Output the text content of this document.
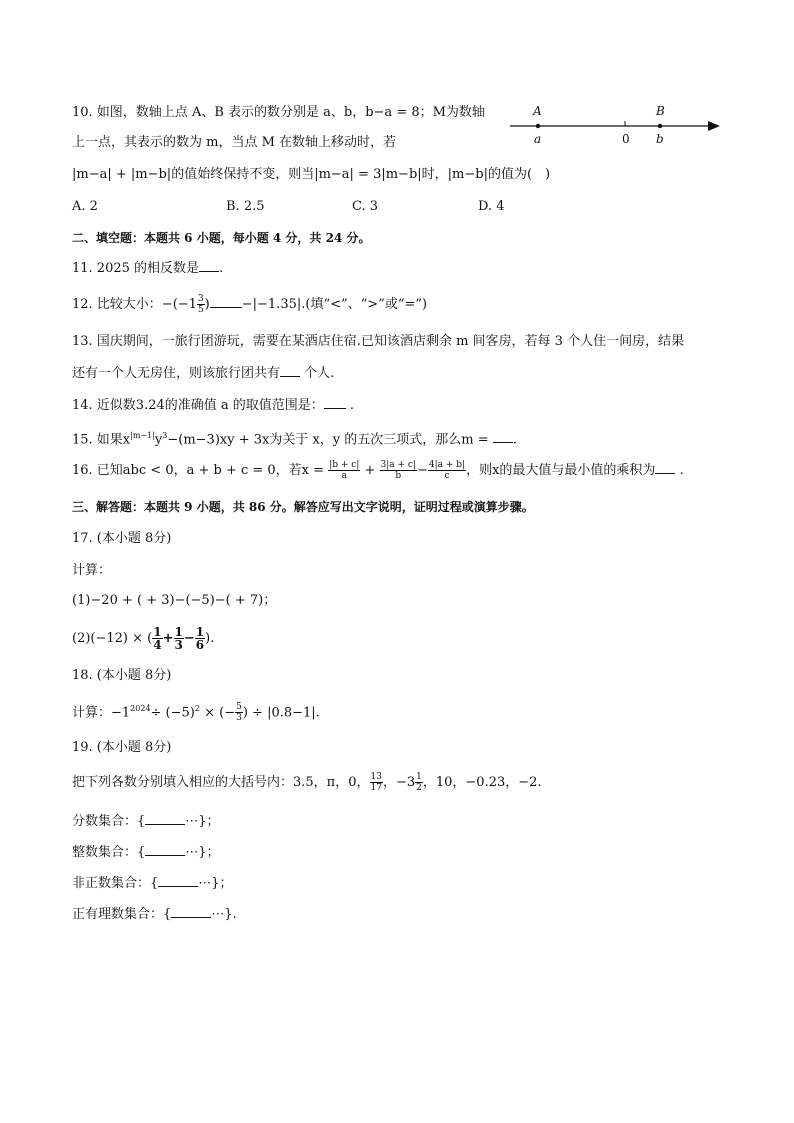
10. 如图，数轴上点 A、B 表示的数分别是 a、b，b−a = 8；M为数轴
上一点，其表示的数为 m，当点 M 在数轴上移动时，若
|m−a| + |m−b|的值始终保持不变，则当|m−a| = 3|m−b|时，|m−b|的值为(　)
A. 2	B. 2.5	C. 3	D. 4
A	B
a	0 b
二、填空题：本题共 6 小题，每小题 4 分，共 24 分。
11. 2025 的相反数是 .
12. 比较大小：$-(-1 \frac{3}{5}$ ) −|−1.35|.(填“<”、“>”或“=”)
13. 国庆期间，一旅行团游玩，需要在某酒店住宿.已知该酒店剩余 m 间客房，若每 3 个人住一间房，结果
还有一个人无房住，则该旅行团共有 个人.
14. 近似数3.24的准确值 a 的取值范围是： .
15. 如果$x^{|m-1|}y^3-(m-3)xy + 3x$为关于 x，y 的五次三项式，那么m = .
16. 已知abc < 0，a + b + c = 0，若$x = \frac{|b + c|}{a} + \frac{3|a + c|}{b} - \frac{4|a + b|}{c}$ ，则x的最大值与最小值的乘积为 .
三、解答题：本题共 9 小题，共 86 分。解答应写出文字说明，证明过程或演算步骤。
17. (本小题 8分)
计算：
(1)−20 + ( + 3)−(−5)−( + 7)；
(2)(−12) × ( $\frac{1}{4} + \frac{1}{3} - \frac{1}{6}$ ).
18. (本小题 8分)
计算：$-1^{2024}\div (-5)^2$ × (− $\frac{5}{3}$ ) ÷ |0.8−1|.
19. (本小题 8分)
把下列各数分别填入相应的大括号内：3.5，π，0， $\frac{13}{17}$ ，$-3 \frac{1}{2}$ ，10，−0.23，−2.
分数集合：{	⋯}；
整数集合：{	⋯}；
非正数集合：{	⋯}；
正有理数集合：{	⋯}.
